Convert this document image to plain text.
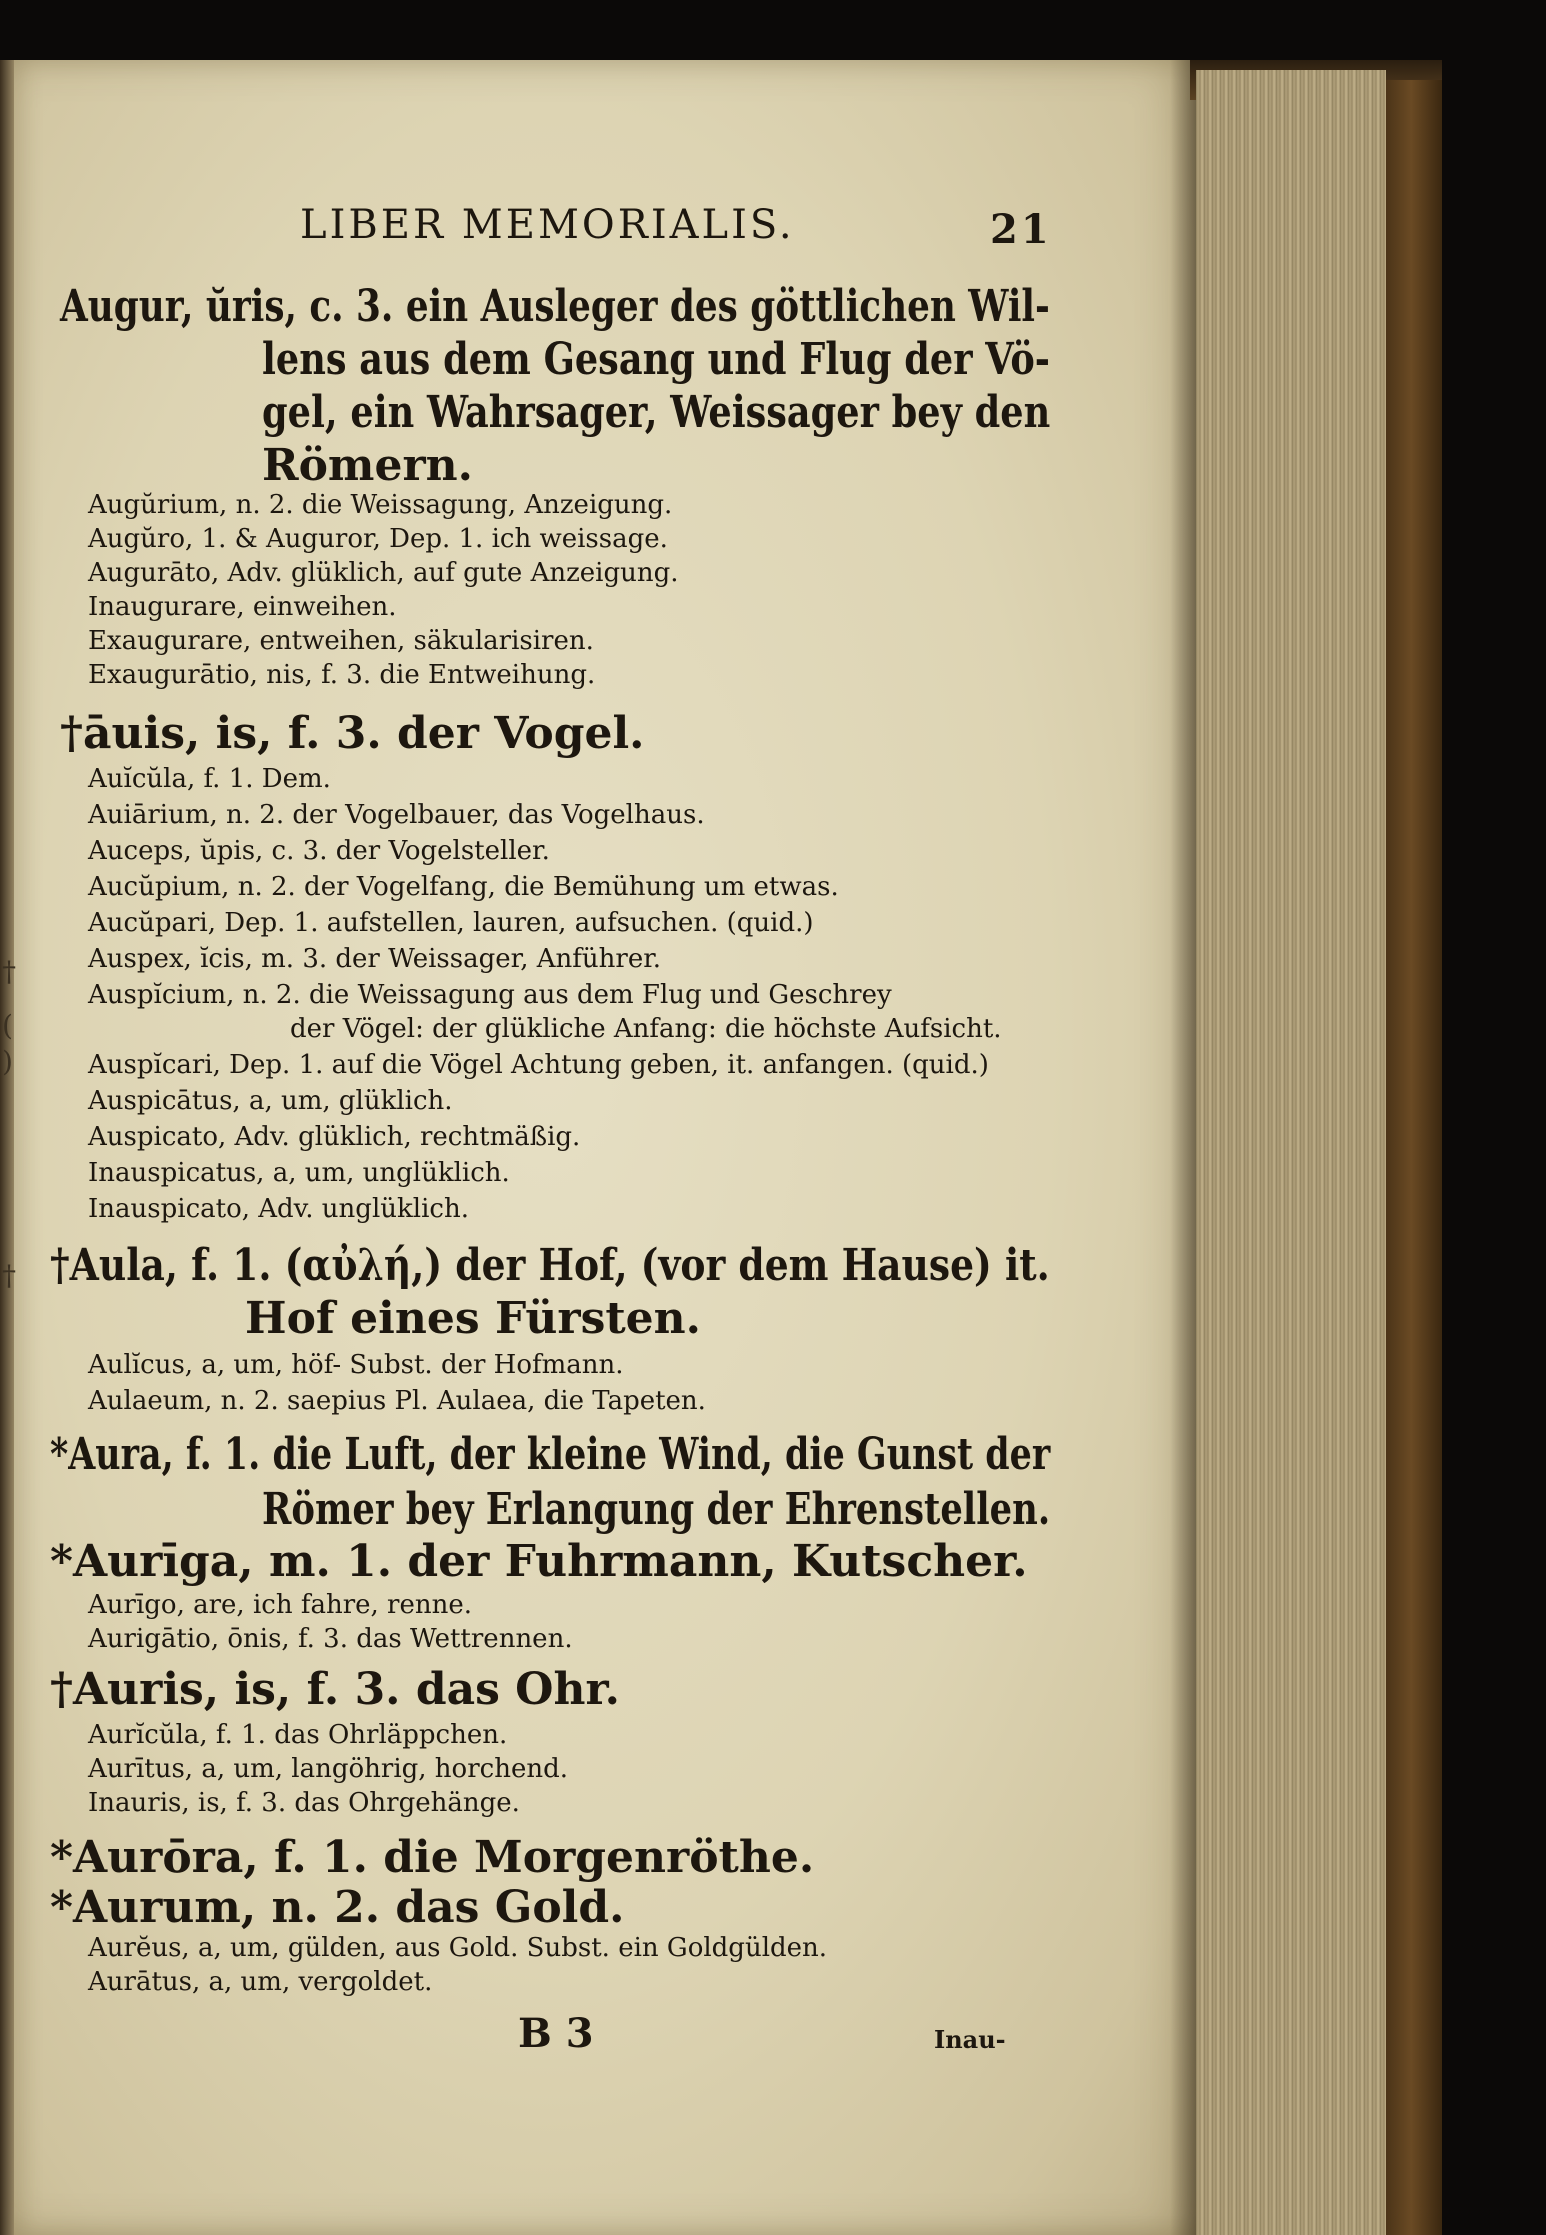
LIBER MEMORIALIS.	21
Augur, ŭris, c. 3. ein Ausleger des göttlichen Wil-
lens aus dem Gesang und Flug der Vö-
gel, ein Wahrsager, Weissager bey den
Römern.
Augŭrium, n. 2. die Weissagung, Anzeigung.
Augŭro, 1. & Auguror, Dep. 1. ich weissage.
Augurāto, Adv. glüklich, auf gute Anzeigung.
Inaugurare, einweihen.
Exaugurare, entweihen, säkularisiren.
Exaugurātio, nis, f. 3. die Entweihung.
†āuis, is, f. 3. der Vogel.
Auĭcŭla, f. 1. Dem.
Auiārium, n. 2. der Vogelbauer, das Vogelhaus.
Auceps, ŭpis, c. 3. der Vogelsteller.
Aucŭpium, n. 2. der Vogelfang, die Bemühung um etwas.
Aucŭpari, Dep. 1. aufstellen, lauren, aufsuchen. (quid.)
Auspex, ĭcis, m. 3. der Weissager, Anführer.
Auspĭcium, n. 2. die Weissagung aus dem Flug und Geschrey
der Vögel: der glükliche Anfang: die höchste Aufsicht.
Auspĭcari, Dep. 1. auf die Vögel Achtung geben, it. anfangen. (quid.)
Auspicātus, a, um, glüklich.
Auspicato, Adv. glüklich, rechtmäßig.
Inauspicatus, a, um, unglüklich.
Inauspicato, Adv. unglüklich.
†Aula, f. 1. (αὐλή,) der Hof, (vor dem Hause) it.
Hof eines Fürsten.
Aulĭcus, a, um, höf- Subst. der Hofmann.
Aulaeum, n. 2. saepius Pl. Aulaea, die Tapeten.
*Aura, f. 1. die Luft, der kleine Wind, die Gunst der
Römer bey Erlangung der Ehrenstellen.
*Aurīga, m. 1. der Fuhrmann, Kutscher.
Aurīgo, are, ich fahre, renne.
Aurigātio, ōnis, f. 3. das Wettrennen.
†Auris, is, f. 3. das Ohr.
Aurĭcŭla, f. 1. das Ohrläppchen.
Aurītus, a, um, langöhrig, horchend.
Inauris, is, f. 3. das Ohrgehänge.
*Aurōra, f. 1. die Morgenröthe.
*Aurum, n. 2. das Gold.
Aurĕus, a, um, gülden, aus Gold. Subst. ein Goldgülden.
Aurātus, a, um, vergoldet.
B 3	Inau-
†
(
)
†
